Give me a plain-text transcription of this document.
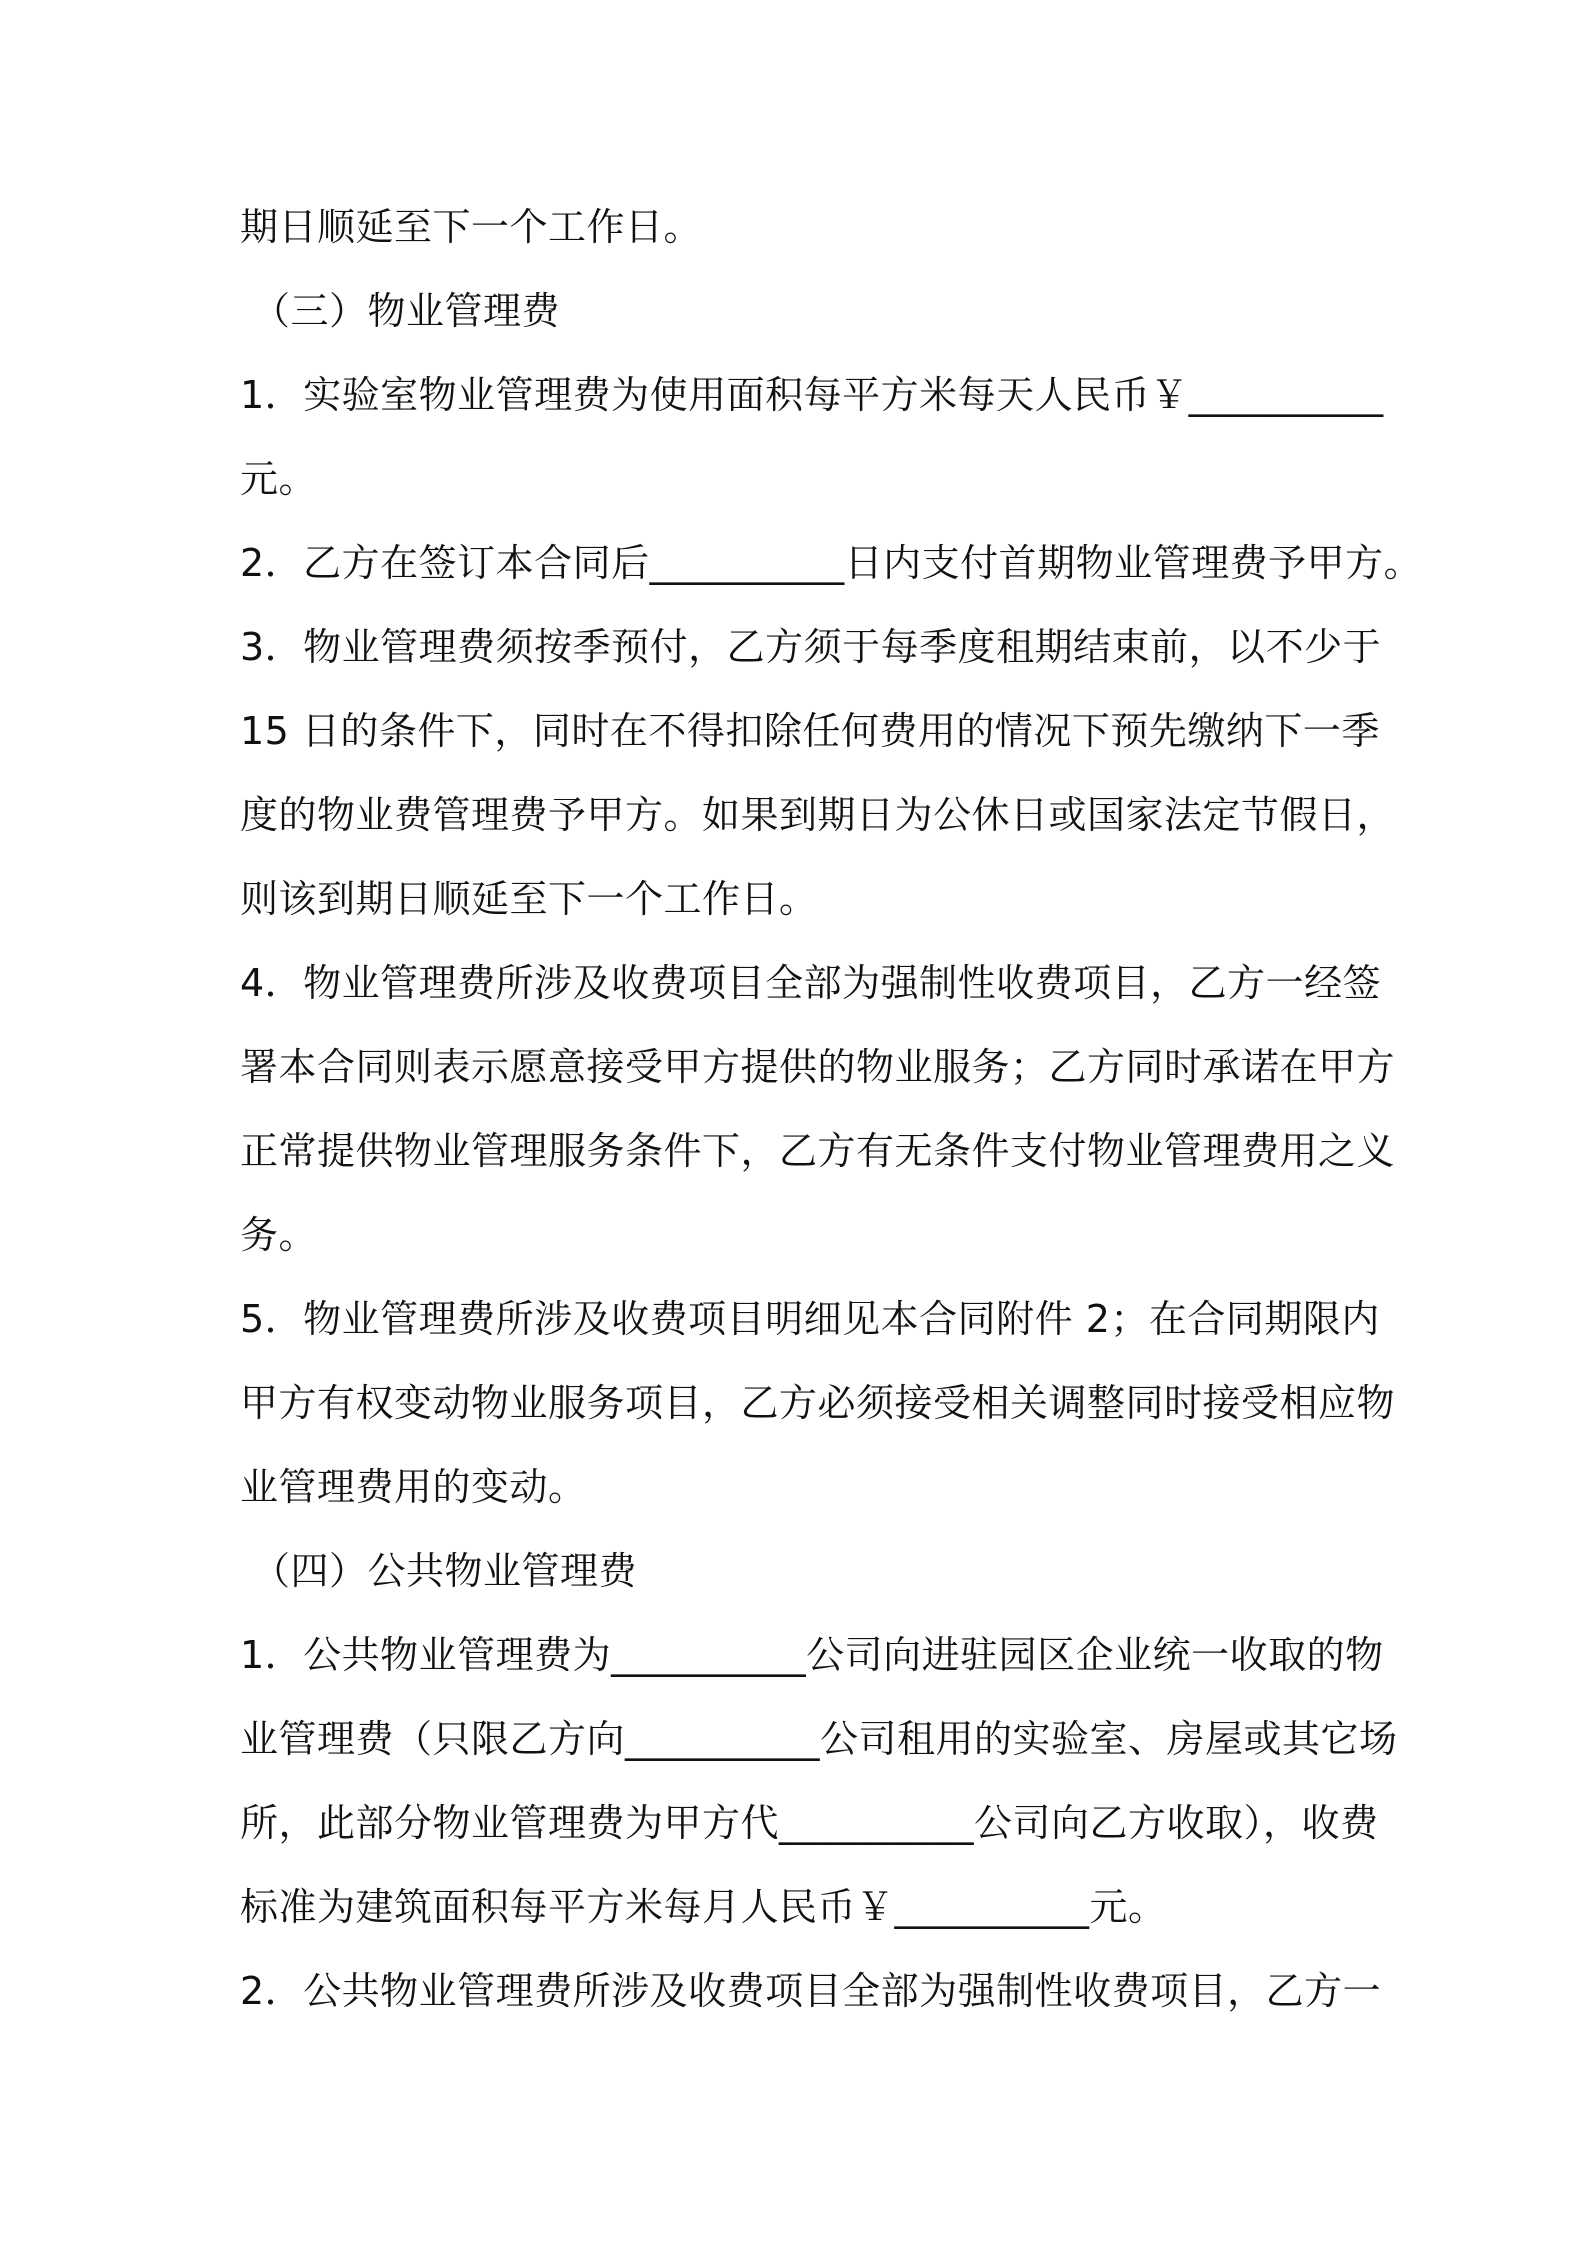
期日顺延至下一个工作日。
（三）物业管理费
1．实验室物业管理费为使用面积每平方米每天人民币￥__________
元。
2．乙方在签订本合同后__________日内支付首期物业管理费予甲方。
3．物业管理费须按季预付，乙方须于每季度租期结束前，以不少于
15 日的条件下，同时在不得扣除任何费用的情况下预先缴纳下一季
度的物业费管理费予甲方。如果到期日为公休日或国家法定节假日，
则该到期日顺延至下一个工作日。
4．物业管理费所涉及收费项目全部为强制性收费项目，乙方一经签
署本合同则表示愿意接受甲方提供的物业服务；乙方同时承诺在甲方
正常提供物业管理服务条件下，乙方有无条件支付物业管理费用之义
务。
5．物业管理费所涉及收费项目明细见本合同附件 2；在合同期限内
甲方有权变动物业服务项目，乙方必须接受相关调整同时接受相应物
业管理费用的变动。
（四）公共物业管理费
1．公共物业管理费为__________公司向进驻园区企业统一收取的物
业管理费（只限乙方向__________公司租用的实验室、房屋或其它场
所，此部分物业管理费为甲方代__________公司向乙方收取），收费
标准为建筑面积每平方米每月人民币￥__________元。
2．公共物业管理费所涉及收费项目全部为强制性收费项目，乙方一
